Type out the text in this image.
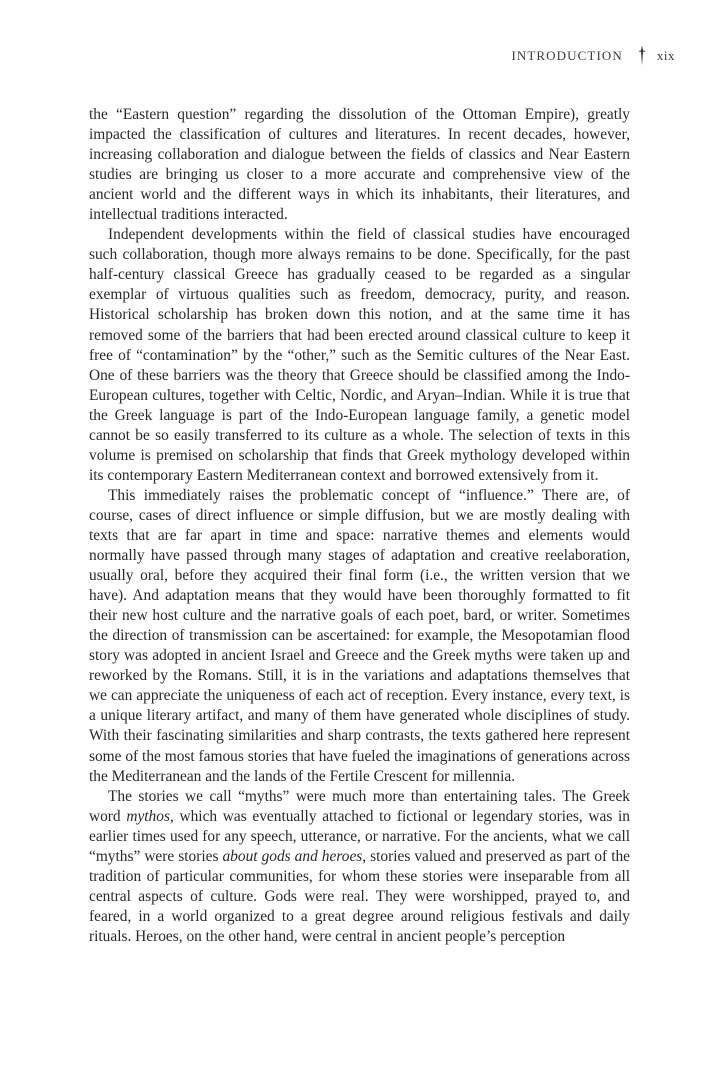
INTRODUCTION	xix

the “Eastern question” regarding the dissolution of the Ottoman Empire), greatly impacted the classification of cultures and literatures. In recent decades, however, increasing collaboration and dialogue between the fields of classics and Near Eastern studies are bringing us closer to a more accurate and comprehensive view of the ancient world and the different ways in which its inhabitants, their literatures, and intellectual traditions interacted.

Independent developments within the field of classical studies have encouraged such collaboration, though more always remains to be done. Specifically, for the past half-century classical Greece has gradually ceased to be regarded as a singular exemplar of virtuous qualities such as freedom, democracy, purity, and reason. Historical scholarship has broken down this notion, and at the same time it has removed some of the barriers that had been erected around classical culture to keep it free of “contamination” by the “other,” such as the Semitic cultures of the Near East. One of these barriers was the theory that Greece should be classified among the Indo-European cultures, together with Celtic, Nordic, and Aryan–Indian. While it is true that the Greek language is part of the Indo-European language family, a genetic model cannot be so easily transferred to its culture as a whole. The selection of texts in this volume is premised on scholarship that finds that Greek mythology developed within its contemporary Eastern Mediterranean context and borrowed extensively from it.

This immediately raises the problematic concept of “influence.” There are, of course, cases of direct influence or simple diffusion, but we are mostly dealing with texts that are far apart in time and space: narrative themes and elements would normally have passed through many stages of adaptation and creative reelaboration, usually oral, before they acquired their final form (i.e., the written version that we have). And adaptation means that they would have been thoroughly formatted to fit their new host culture and the narrative goals of each poet, bard, or writer. Sometimes the direction of transmission can be ascertained: for example, the Mesopotamian flood story was adopted in ancient Israel and Greece and the Greek myths were taken up and reworked by the Romans. Still, it is in the variations and adaptations themselves that we can appreciate the uniqueness of each act of reception. Every instance, every text, is a unique literary artifact, and many of them have generated whole disciplines of study. With their fascinating similarities and sharp contrasts, the texts gathered here represent some of the most famous stories that have fueled the imaginations of generations across the Mediterranean and the lands of the Fertile Crescent for millennia.

The stories we call “myths” were much more than entertaining tales. The Greek word mythos, which was eventually attached to fictional or legendary stories, was in earlier times used for any speech, utterance, or narrative. For the ancients, what we call “myths” were stories about gods and heroes, stories valued and preserved as part of the tradition of particular communities, for whom these stories were inseparable from all central aspects of culture. Gods were real. They were worshipped, prayed to, and feared, in a world organized to a great degree around religious festivals and daily rituals. Heroes, on the other hand, were central in ancient people’s perception
